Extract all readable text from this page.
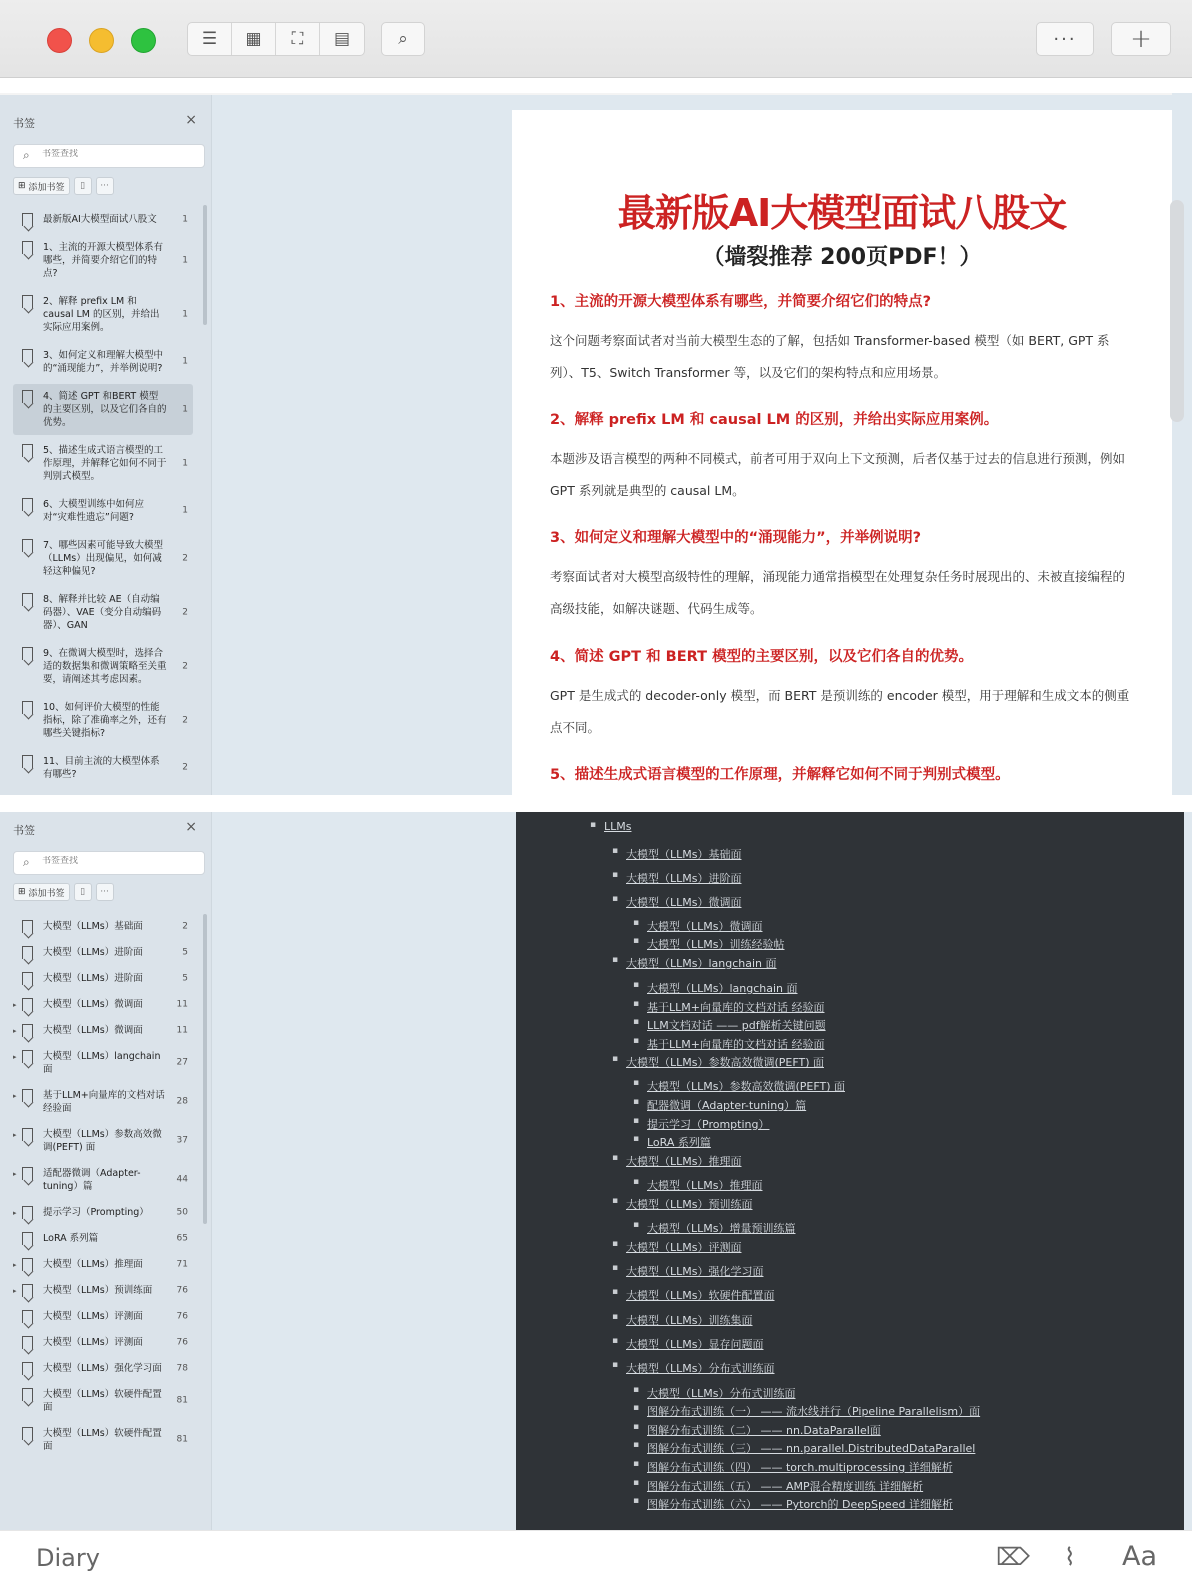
☰	▦	⛶	▤	⌕	···	+
书签	×
⌕
书签查找
⊞ 添加书签	▯	···
最新版AI大模型面试八股文	1
1、主流的开源大模型体系有哪些，并简要介绍它们的特点?
1
2、解释 prefix LM 和 causal LM 的区别，并给出实际应用案例。
1
3、如何定义和理解大模型中的“涌现能力”，并举例说明?
1
4、简述 GPT 和BERT 模型的主要区别，以及它们各自的优势。
1
5、描述生成式语言模型的工作原理，并解释它如何不同于判别式模型。
1
6、大模型训练中如何应对“灾难性遗忘”问题?
1
7、哪些因素可能导致大模型（LLMs）出现偏见，如何减轻这种偏见?
2
8、解释并比较 AE（自动编码器）、VAE（变分自动编码器）、GAN
2
9、在微调大模型时，选择合适的数据集和微调策略至关重要，请阐述其考虑因素。
2
10、如何评价大模型的性能指标，除了准确率之外，还有哪些关键指标?
2
11、目前主流的大模型体系有哪些?
2
最新版AI大模型面试八股文
（墙裂推荐 200页PDF！）
1、主流的开源大模型体系有哪些，并简要介绍它们的特点?
这个问题考察面试者对当前大模型生态的了解，包括如 Transformer-based 模型（如 BERT, GPT 系列）、T5、Switch Transformer 等，以及它们的架构特点和应用场景。
2、解释 prefix LM 和 causal LM 的区别，并给出实际应用案例。
本题涉及语言模型的两种不同模式，前者可用于双向上下文预测，后者仅基于过去的信息进行预测，例如 GPT 系列就是典型的 causal LM。
3、如何定义和理解大模型中的“涌现能力”，并举例说明?
考察面试者对大模型高级特性的理解，涌现能力通常指模型在处理复杂任务时展现出的、未被直接编程的高级技能，如解决谜题、代码生成等。
4、简述 GPT 和 BERT 模型的主要区别，以及它们各自的优势。
GPT 是生成式的 decoder-only 模型，而 BERT 是预训练的 encoder 模型，用于理解和生成文本的侧重点不同。
5、描述生成式语言模型的工作原理，并解释它如何不同于判别式模型。
书签	×
⌕
书签查找
⊞ 添加书签	▯	···
大模型（LLMs）基础面	2
大模型（LLMs）进阶面	5
大模型（LLMs）进阶面	5
▸	大模型（LLMs）微调面	11
▸	大模型（LLMs）微调面	11
▸	大模型（LLMs）langchain面
27
▸	基于LLM+向量库的文档对话经验面
28
▸	大模型（LLMs）参数高效微调(PEFT) 面
37
▸	适配器微调（Adapter-tuning）篇
44
▸	提示学习（Prompting）	50
LoRA 系列篇	65
▸	大模型（LLMs）推理面	71
▸	大模型（LLMs）预训练面	76
大模型（LLMs）评测面	76
大模型（LLMs）评测面	76
大模型（LLMs）强化学习面 78
大模型（LLMs）软硬件配置面
81
大模型（LLMs）软硬件配置面
81
▪ LLMs
▪ 大模型（LLMs）基础面
▪ 大模型（LLMs）进阶面
▪ 大模型（LLMs）微调面
▪ 大模型（LLMs）微调面
▪ 大模型（LLMs）训练经验帖
▪ 大模型（LLMs）langchain 面
▪ 大模型（LLMs）langchain 面
▪ 基于LLM+向量库的文档对话 经验面
▪ LLM文档对话 —— pdf解析关键问题
▪ 基于LLM+向量库的文档对话 经验面
▪ 大模型（LLMs）参数高效微调(PEFT) 面
▪ 大模型（LLMs）参数高效微调(PEFT) 面
▪ 配器微调（Adapter-tuning）篇
▪ 提示学习（Prompting）
▪ LoRA 系列篇
▪ 大模型（LLMs）推理面
▪ 大模型（LLMs）推理面
▪ 大模型（LLMs）预训练面
▪ 大模型（LLMs）增量预训练篇
▪ 大模型（LLMs）评测面
▪ 大模型（LLMs）强化学习面
▪ 大模型（LLMs）软硬件配置面
▪ 大模型（LLMs）训练集面
▪ 大模型（LLMs）显存问题面
▪ 大模型（LLMs）分布式训练面
▪ 大模型（LLMs）分布式训练面
▪ 图解分布式训练（一） —— 流水线并行（Pipeline Parallelism）面
▪ 图解分布式训练（二） —— nn.DataParallel面
▪ 图解分布式训练（三） —— nn.parallel.DistributedDataParallel
▪ 图解分布式训练（四） —— torch.multiprocessing 详细解析
▪ 图解分布式训练（五） —— AMP混合精度训练 详细解析
▪ 图解分布式训练（六） —— Pytorch的 DeepSpeed 详细解析
Diary	⌦ ⌇ Aa
